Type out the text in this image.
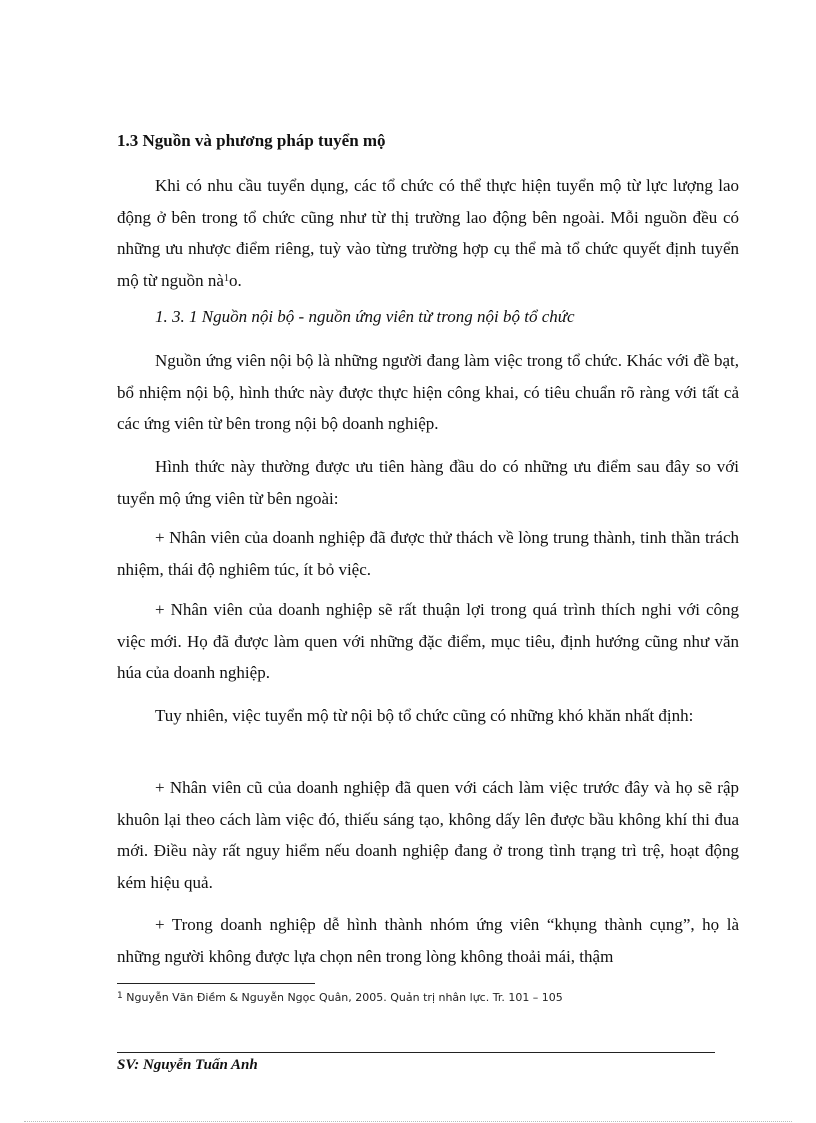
1.3 Nguồn và phương pháp tuyển mộ

Khi có nhu cầu tuyển dụng, các tổ chức có thể thực hiện tuyển mộ từ lực lượng lao động ở bên trong tổ chức cũng như từ thị trường lao động bên ngoài. Mỗi nguồn đều có những ưu nhược điểm riêng, tuỳ vào từng trường hợp cụ thể mà tổ chức quyết định tuyển mộ từ nguồn $nà^1o$.

1. 3. 1 Nguồn nội bộ - nguồn ứng viên từ trong nội bộ tổ chức

Nguồn ứng viên nội bộ là những người đang làm việc trong tổ chức. Khác với đề bạt, bổ nhiệm nội bộ, hình thức này được thực hiện công khai, có tiêu chuẩn rõ ràng với tất cả các ứng viên từ bên trong nội bộ doanh nghiệp.

Hình thức này thường được ưu tiên hàng đầu do có những ưu điểm sau đây so với tuyển mộ ứng viên từ bên ngoài:

+ Nhân viên của doanh nghiệp đã được thử thách về lòng trung thành, tinh thần trách nhiệm, thái độ nghiêm túc, ít bỏ việc.

+ Nhân viên của doanh nghiệp sẽ rất thuận lợi trong quá trình thích nghi với công việc mới. Họ đã được làm quen với những đặc điểm, mục tiêu, định hướng cũng như văn húa của doanh nghiệp.

Tuy nhiên, việc tuyển mộ từ nội bộ tổ chức cũng có những khó khăn nhất định:

+ Nhân viên cũ của doanh nghiệp đã quen với cách làm việc trước đây và họ sẽ rập khuôn lại theo cách làm việc đó, thiếu sáng tạo, không dấy lên được bầu không khí thi đua mới. Điều này rất nguy hiểm nếu doanh nghiệp đang ở trong tình trạng trì trệ, hoạt động kém hiệu quả.

+ Trong doanh nghiệp dễ hình thành nhóm ứng viên “khụng thành cụng”, họ là những người không được lựa chọn nên trong lòng không thoải mái, thậm

$^1$ Nguyễn Văn Điềm & Nguyễn Ngọc Quân, 2005. Quản trị nhân lực. Tr. 101 – 105
SV: Nguyễn Tuấn Anh
